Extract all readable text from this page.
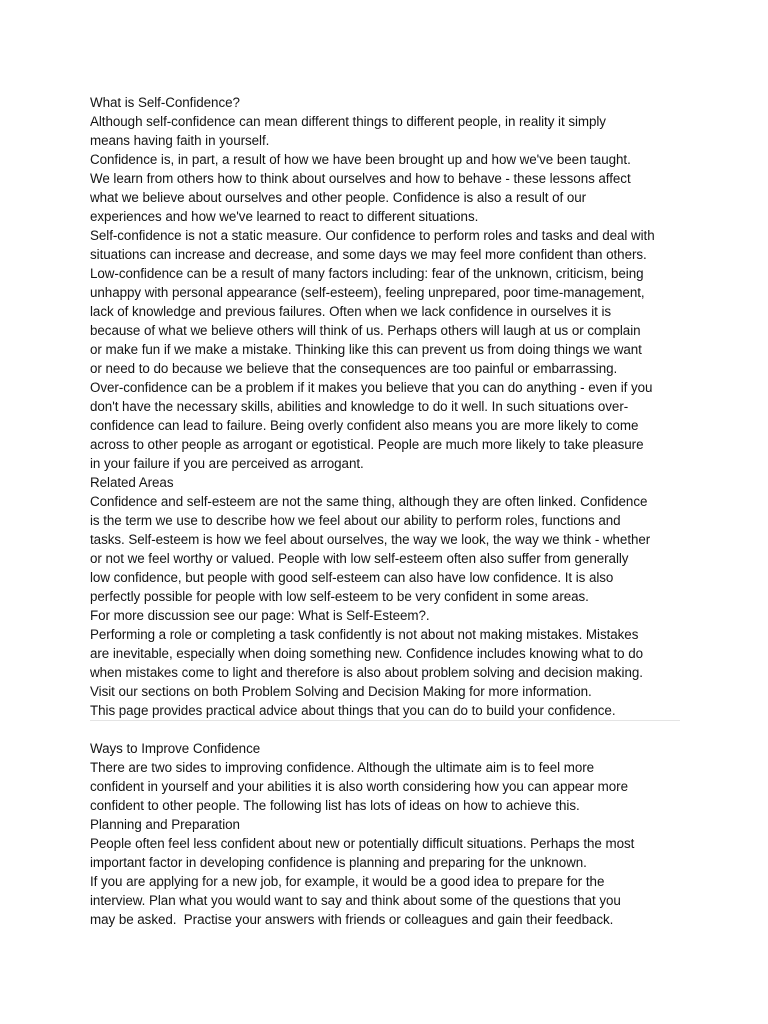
What is Self-Confidence?
Although self-confidence can mean different things to different people, in reality it simply
means having faith in yourself.
Confidence is, in part, a result of how we have been brought up and how we've been taught.
We learn from others how to think about ourselves and how to behave - these lessons affect
what we believe about ourselves and other people. Confidence is also a result of our
experiences and how we've learned to react to different situations.
Self-confidence is not a static measure. Our confidence to perform roles and tasks and deal with
situations can increase and decrease, and some days we may feel more confident than others.
Low-confidence can be a result of many factors including: fear of the unknown, criticism, being
unhappy with personal appearance (self-esteem), feeling unprepared, poor time-management,
lack of knowledge and previous failures. Often when we lack confidence in ourselves it is
because of what we believe others will think of us. Perhaps others will laugh at us or complain
or make fun if we make a mistake. Thinking like this can prevent us from doing things we want
or need to do because we believe that the consequences are too painful or embarrassing.
Over-confidence can be a problem if it makes you believe that you can do anything - even if you
don't have the necessary skills, abilities and knowledge to do it well. In such situations over-
confidence can lead to failure. Being overly confident also means you are more likely to come
across to other people as arrogant or egotistical. People are much more likely to take pleasure
in your failure if you are perceived as arrogant.
Related Areas
Confidence and self-esteem are not the same thing, although they are often linked. Confidence
is the term we use to describe how we feel about our ability to perform roles, functions and
tasks. Self-esteem is how we feel about ourselves, the way we look, the way we think - whether
or not we feel worthy or valued. People with low self-esteem often also suffer from generally
low confidence, but people with good self-esteem can also have low confidence. It is also
perfectly possible for people with low self-esteem to be very confident in some areas.
For more discussion see our page: What is Self-Esteem?.
Performing a role or completing a task confidently is not about not making mistakes. Mistakes
are inevitable, especially when doing something new. Confidence includes knowing what to do
when mistakes come to light and therefore is also about problem solving and decision making.
Visit our sections on both Problem Solving and Decision Making for more information.
This page provides practical advice about things that you can do to build your confidence.
Ways to Improve Confidence
There are two sides to improving confidence. Although the ultimate aim is to feel more
confident in yourself and your abilities it is also worth considering how you can appear more
confident to other people. The following list has lots of ideas on how to achieve this.
Planning and Preparation
People often feel less confident about new or potentially difficult situations. Perhaps the most
important factor in developing confidence is planning and preparing for the unknown.
If you are applying for a new job, for example, it would be a good idea to prepare for the
interview. Plan what you would want to say and think about some of the questions that you
may be asked.  Practise your answers with friends or colleagues and gain their feedback.
